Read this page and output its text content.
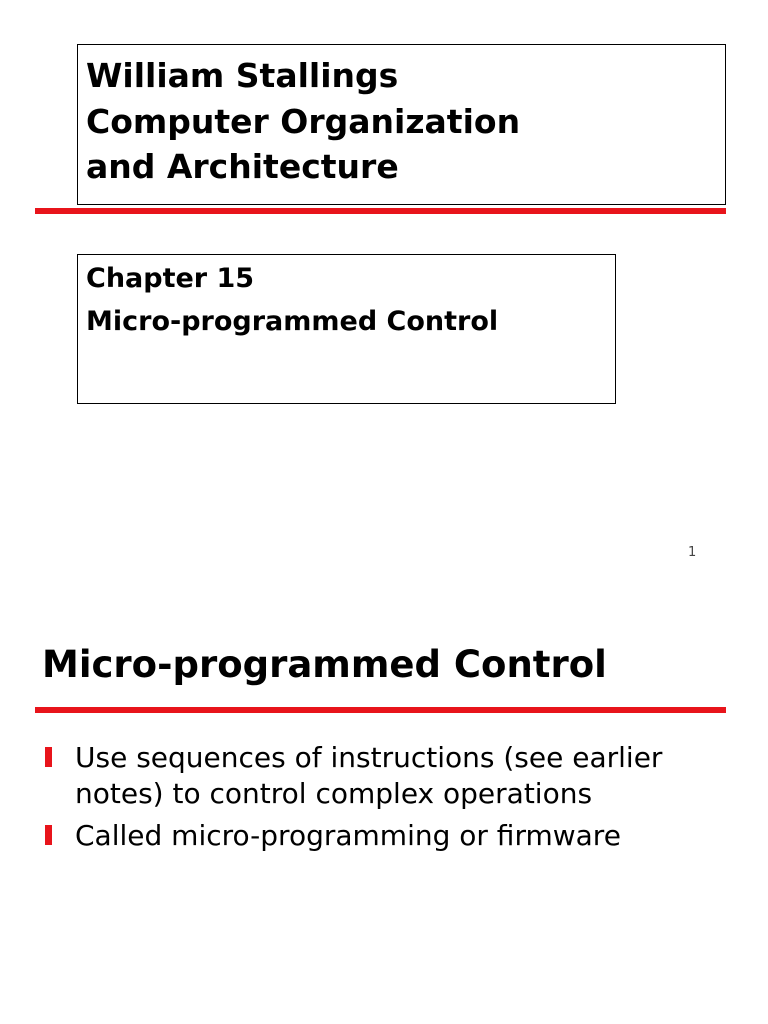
William Stallings
Computer Organization
and Architecture
Chapter 15
Micro-programmed Control
1
Micro-programmed Control
Use sequences of instructions (see earlier
notes) to control complex operations
Called micro-programming or firmware
